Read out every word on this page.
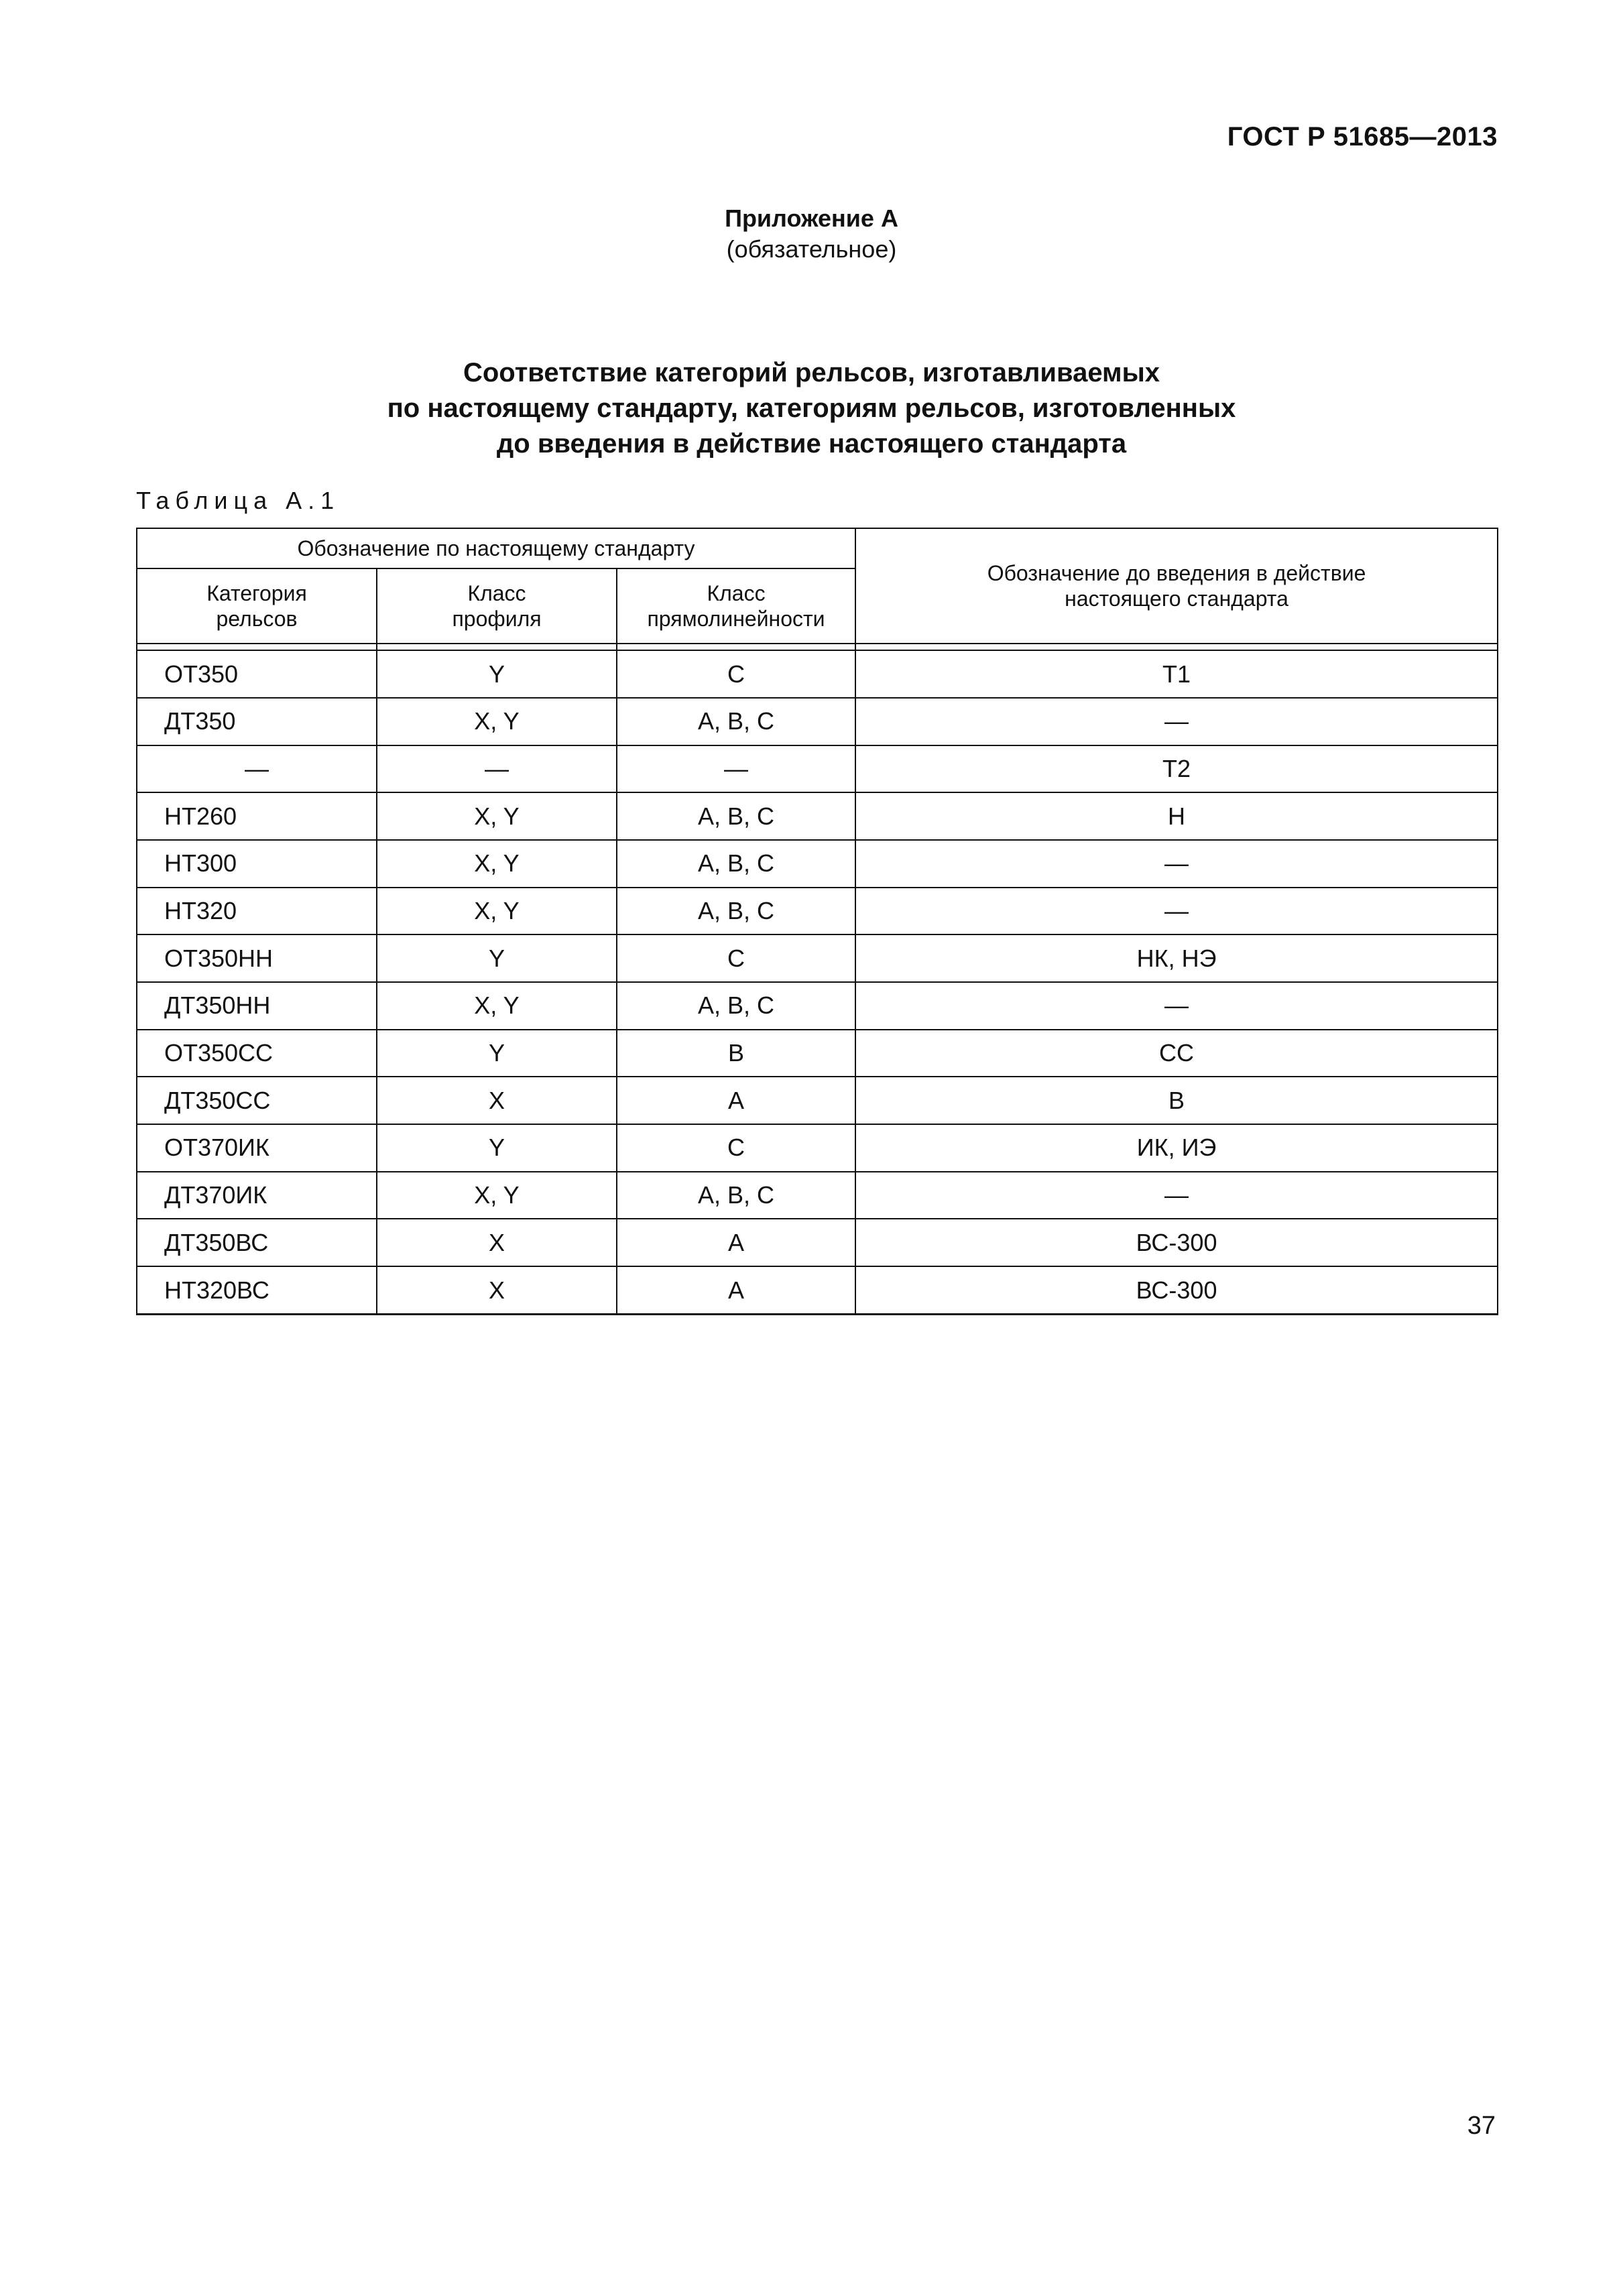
ГОСТ Р 51685—2013
Приложение А
(обязательное)
Соответствие категорий рельсов, изготавливаемых
по настоящему стандарту, категориям рельсов, изготовленных
до введения в действие настоящего стандарта
Таблица А.1
Обозначение по настоящему стандарту			Обозначение до введения в действие настоящего стандарта
Категория рельсов	Класс профиля	Класс прямолинейности	

ОТ350	Y	С	Т1
ДТ350	X, Y	A, B, C	—
—	—	—	Т2
НТ260	X, Y	A, B, C	Н
НТ300	X, Y	A, B, C	—
НТ320	X, Y	A, B, C	—
ОТ350НН	Y	С	НК, НЭ
ДТ350НН	X, Y	A, B, C	—
ОТ350СС	Y	B	СС
ДТ350СС	X	A	В
ОТ370ИК	Y	C	ИК, ИЭ
ДТ370ИК	X, Y	A, B, C	—
ДТ350ВС	X	A	ВС-300
НТ320ВС	X	A	ВС-300
37
